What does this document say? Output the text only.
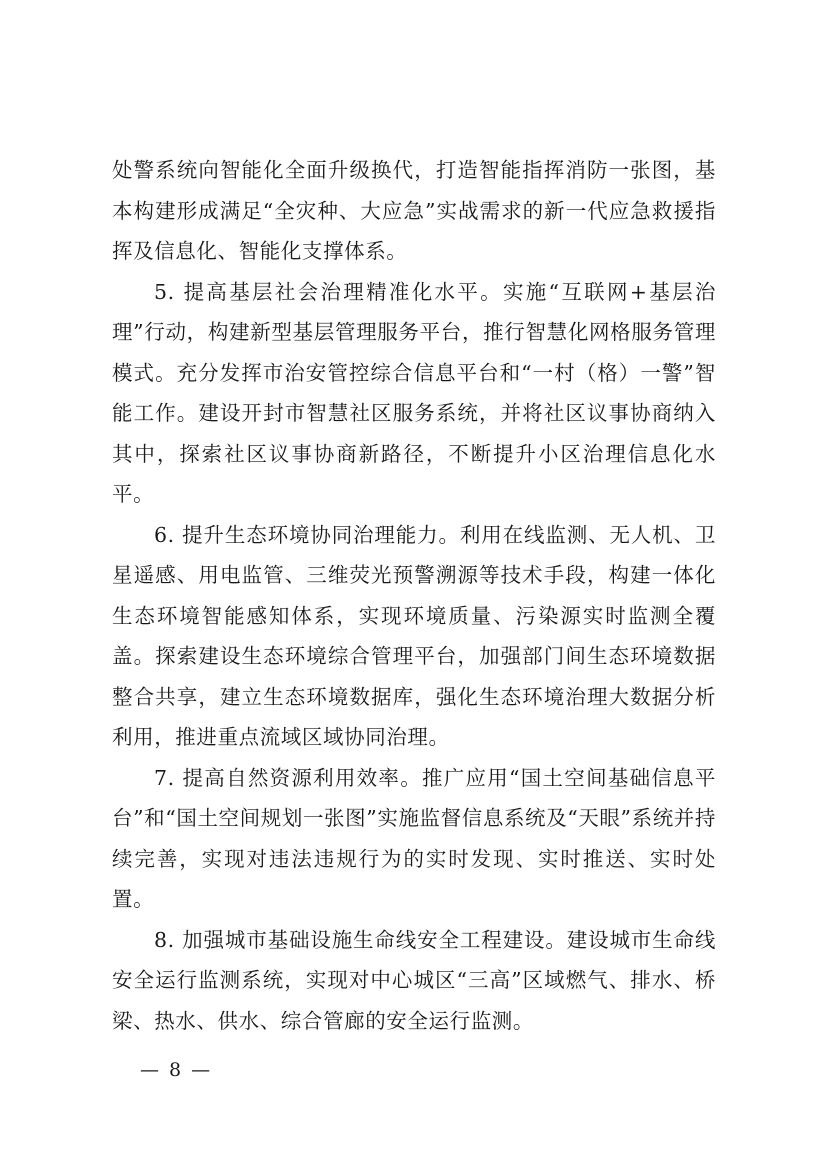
处警系统向智能化全面升级换代，打造智能指挥消防一张图，基本构建形成满足“全灾种、大应急”实战需求的新一代应急救援指挥及信息化、智能化支撑体系。

5. 提高基层社会治理精准化水平。实施“互联网+基层治理”行动，构建新型基层管理服务平台，推行智慧化网格服务管理模式。充分发挥市治安管控综合信息平台和“一村（格）一警”智能工作。建设开封市智慧社区服务系统，并将社区议事协商纳入其中，探索社区议事协商新路径，不断提升小区治理信息化水平。

6. 提升生态环境协同治理能力。利用在线监测、无人机、卫星遥感、用电监管、三维荧光预警溯源等技术手段，构建一体化生态环境智能感知体系，实现环境质量、污染源实时监测全覆盖。探索建设生态环境综合管理平台，加强部门间生态环境数据整合共享，建立生态环境数据库，强化生态环境治理大数据分析利用，推进重点流域区域协同治理。

7. 提高自然资源利用效率。推广应用“国土空间基础信息平台”和“国土空间规划一张图”实施监督信息系统及“天眼”系统并持续完善，实现对违法违规行为的实时发现、实时推送、实时处置。

8. 加强城市基础设施生命线安全工程建设。建设城市生命线安全运行监测系统，实现对中心城区“三高”区域燃气、排水、桥梁、热水、供水、综合管廊的安全运行监测。

— 8 —
